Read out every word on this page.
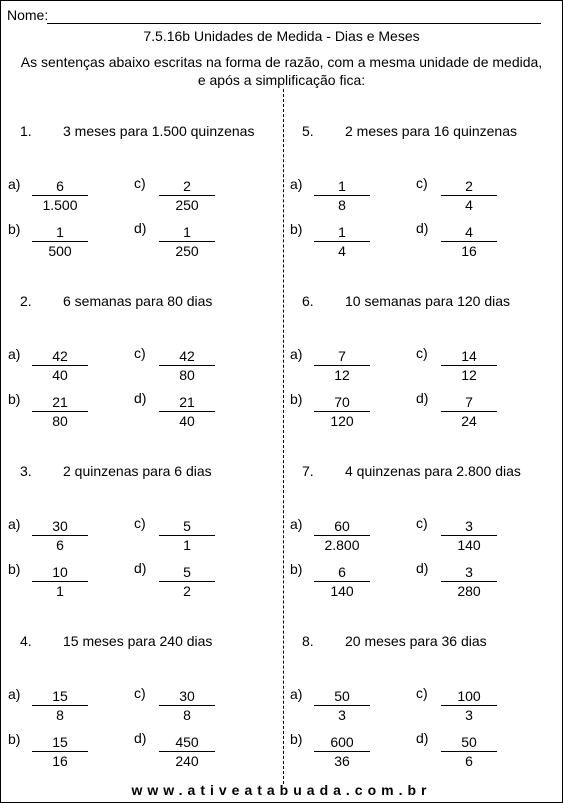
Nome:
7.5.16b Unidades de Medida - Dias e Meses
As sentenças abaixo escritas na forma de razão, com a mesma unidade de medida,
e após a simplificação fica:
1. 3 meses para 1.500 quinzenas
a)	6
1.500
c)	2
250
b)	1
500
d)	1
250
5. 2 meses para 16 quinzenas
a)	1
8
c)	2
4
b)	1
4
d)	4
16
2. 6 semanas para 80 dias
a)	42
40
c)	42
80
b)	21
80
d)	21
40
6. 10 semanas para 120 dias
a)	7
12
c)	14
12
b)	70
120
d)	7
24
3. 2 quinzenas para 6 dias
a)	30
6
c)	5
1
b)	10
1
d)	5
2
7. 4 quinzenas para 2.800 dias
a)	60
2.800
c)	3
140
b)	6
140
d)	3
280
4. 15 meses para 240 dias
a)	15
8
c)	30
8
b)	15
16
d)	450
240
8. 20 meses para 36 dias
a)	50
3
c)	100
3
b)	600
36
d)	50
6
www.ativeatabuada.com.br
